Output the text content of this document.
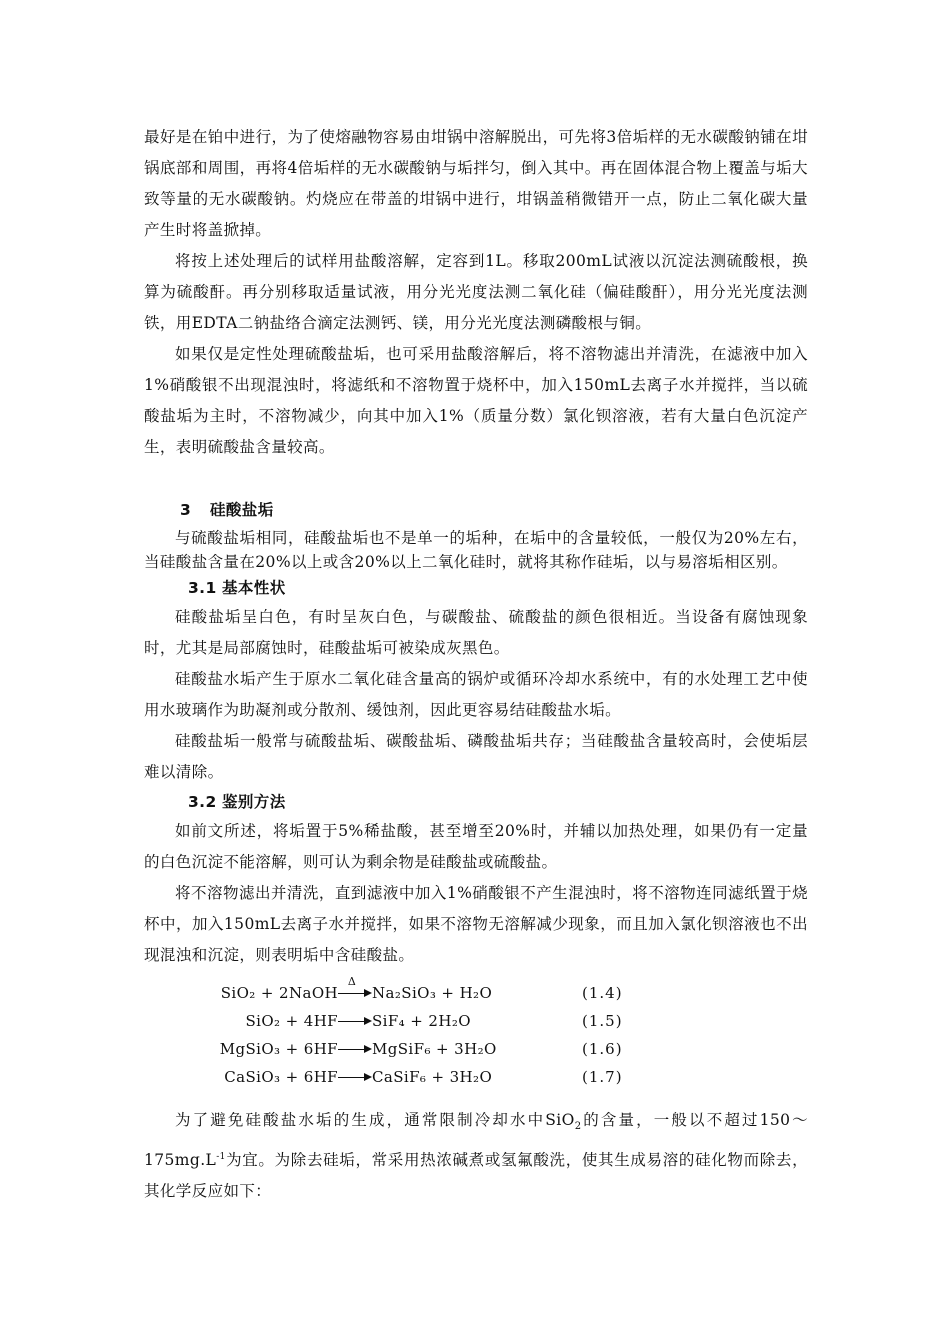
最好是在铂中进行，为了使熔融物容易由坩锅中溶解脱出，可先将3倍垢样的无水碳酸钠铺在坩锅底部和周围，再将4倍垢样的无水碳酸钠与垢拌匀，倒入其中。再在固体混合物上覆盖与垢大致等量的无水碳酸钠。灼烧应在带盖的坩锅中进行，坩锅盖稍微错开一点，防止二氧化碳大量产生时将盖掀掉。

将按上述处理后的试样用盐酸溶解，定容到1L。移取200mL试液以沉淀法测硫酸根，换算为硫酸酐。再分别移取适量试液，用分光光度法测二氧化硅（偏硅酸酐），用分光光度法测铁，用EDTA二钠盐络合滴定法测钙、镁，用分光光度法测磷酸根与铜。

如果仅是定性处理硫酸盐垢，也可采用盐酸溶解后，将不溶物滤出并清洗，在滤液中加入1%硝酸银不出现混浊时，将滤纸和不溶物置于烧杯中，加入150mL去离子水并搅拌，当以硫酸盐垢为主时，不溶物减少，向其中加入1%（质量分数）氯化钡溶液，若有大量白色沉淀产生，表明硫酸盐含量较高。

3 硅酸盐垢

与硫酸盐垢相同，硅酸盐垢也不是单一的垢种，在垢中的含量较低，一般仅为20%左右，当硅酸盐含量在20%以上或含20%以上二氧化硅时，就将其称作硅垢，以与易溶垢相区别。

3.1 基本性状

硅酸盐垢呈白色，有时呈灰白色，与碳酸盐、硫酸盐的颜色很相近。当设备有腐蚀现象时，尤其是局部腐蚀时，硅酸盐垢可被染成灰黑色。

硅酸盐水垢产生于原水二氧化硅含量高的锅炉或循环冷却水系统中，有的水处理工艺中使用水玻璃作为助凝剂或分散剂、缓蚀剂，因此更容易结硅酸盐水垢。

硅酸盐垢一般常与硫酸盐垢、碳酸盐垢、磷酸盐垢共存；当硅酸盐含量较高时，会使垢层难以清除。

3.2 鉴别方法

如前文所述，将垢置于5%稀盐酸，甚至增至20%时，并辅以加热处理，如果仍有一定量的白色沉淀不能溶解，则可认为剩余物是硅酸盐或硫酸盐。

将不溶物滤出并清洗，直到滤液中加入1%硝酸银不产生混浊时，将不溶物连同滤纸置于烧杯中，加入150mL去离子水并搅拌，如果不溶物无溶解减少现象，而且加入氯化钡溶液也不出现混浊和沉淀，则表明垢中含硅酸盐。

SiO₂ + 2NaOH
Δ
Na₂SiO₃ + H₂O	(1.4)
SiO₂ + 4HF SiF₄ + 2H₂O	(1.5)
MgSiO₃ + 6HF MgSiF₆ + 3H₂O	(1.6)
CaSiO₃ + 6HF CaSiF₆ + 3H₂O	(1.7)

为了避免硅酸盐水垢的生成，通常限制冷却水中SiO$_2$的含量，一般以不超过$150\sim 175mg.L^{-1}$为宜。为除去硅垢，常采用热浓碱煮或氢氟酸洗，使其生成易溶的硅化物而除去，其化学反应如下：
